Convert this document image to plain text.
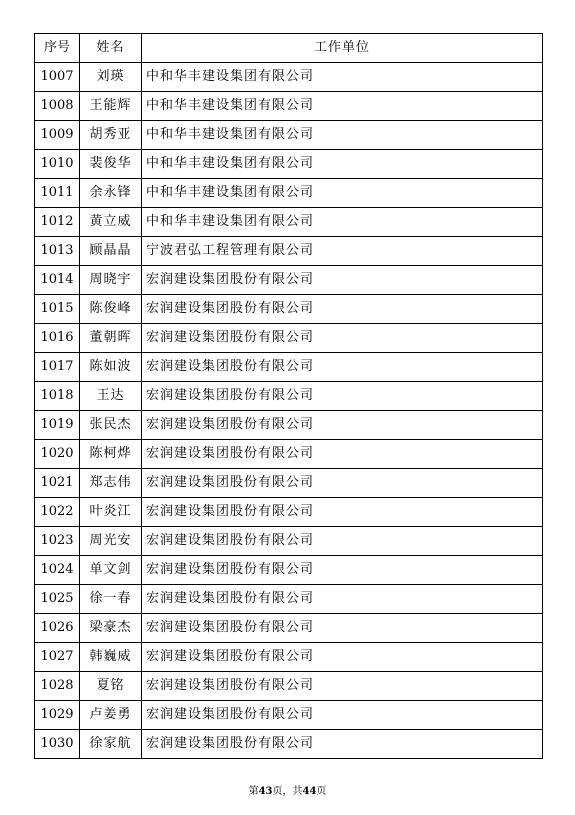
序号	姓名	工作单位
1007	刘瑛	中和华丰建设集团有限公司
1008	王能辉	中和华丰建设集团有限公司
1009	胡秀亚	中和华丰建设集团有限公司
1010	裴俊华	中和华丰建设集团有限公司
1011	余永锋	中和华丰建设集团有限公司
1012	黄立威	中和华丰建设集团有限公司
1013	顾晶晶	宁波君弘工程管理有限公司
1014	周晓宇	宏润建设集团股份有限公司
1015	陈俊峰	宏润建设集团股份有限公司
1016	董朝晖	宏润建设集团股份有限公司
1017	陈如波	宏润建设集团股份有限公司
1018	王达	宏润建设集团股份有限公司
1019	张民杰	宏润建设集团股份有限公司
1020	陈柯烨	宏润建设集团股份有限公司
1021	郑志伟	宏润建设集团股份有限公司
1022	叶炎江	宏润建设集团股份有限公司
1023	周光安	宏润建设集团股份有限公司
1024	单文剑	宏润建设集团股份有限公司
1025	徐一春	宏润建设集团股份有限公司
1026	梁豪杰	宏润建设集团股份有限公司
1027	韩巍威	宏润建设集团股份有限公司
1028	夏铭	宏润建设集团股份有限公司
1029	卢姜勇	宏润建设集团股份有限公司
1030	徐家航	宏润建设集团股份有限公司
第43页，共44页
